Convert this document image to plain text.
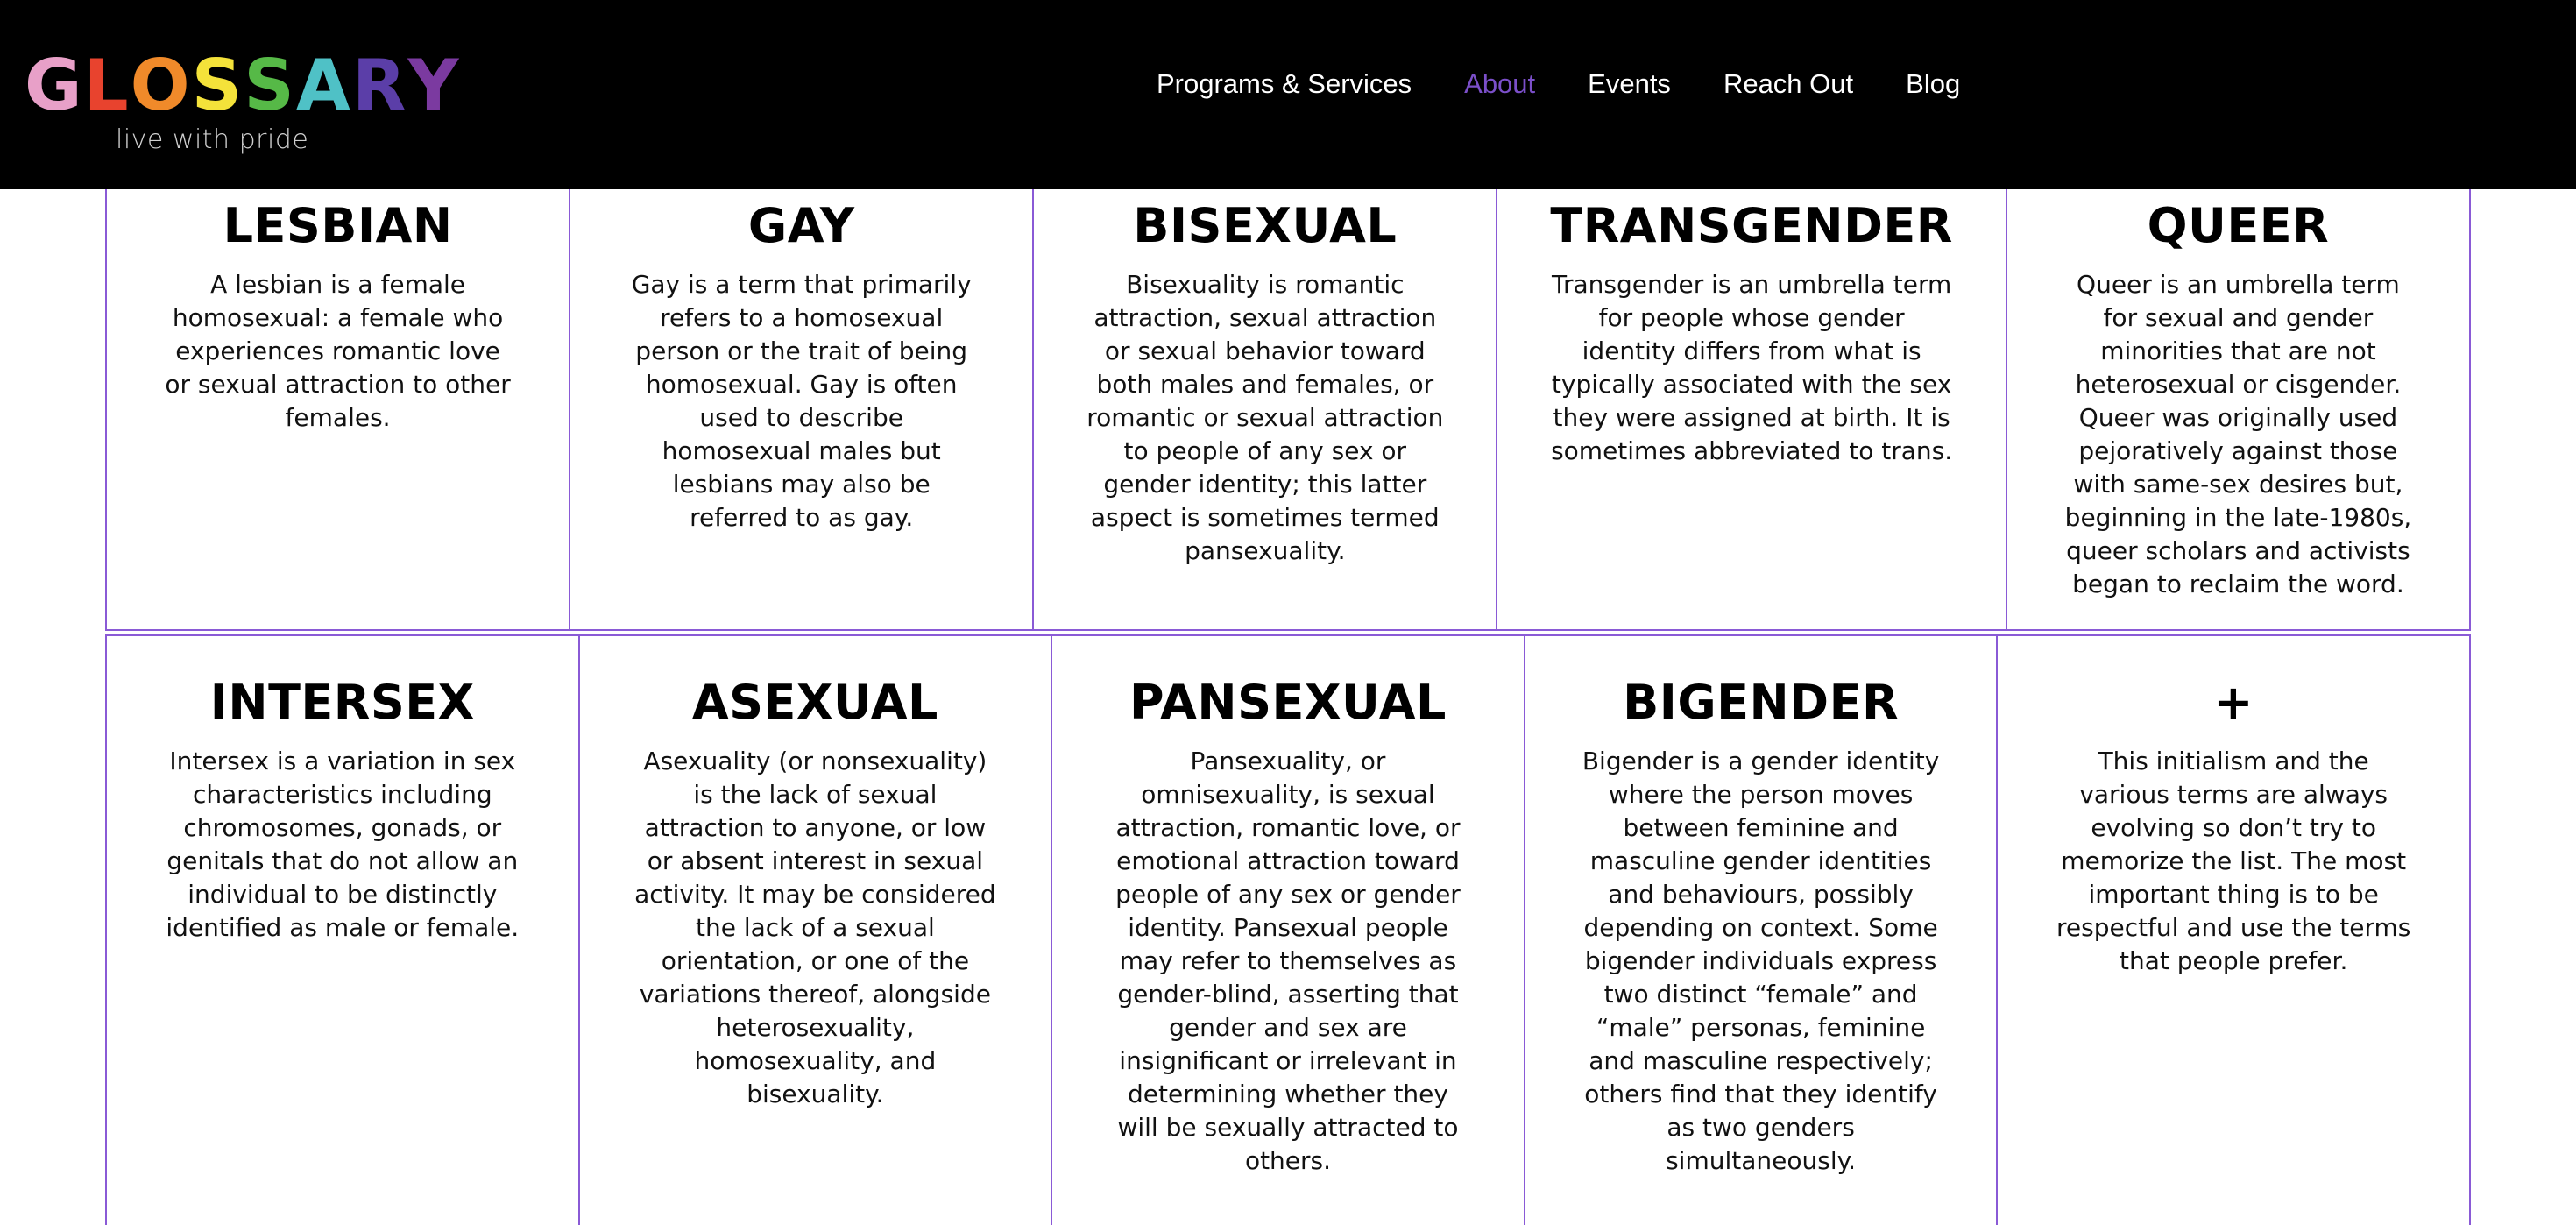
GLOSSARY
live with pride
Programs & Services About Events Reach Out Blog
LESBIAN

A lesbian is a female homosexual: a female who experiences romantic love or sexual attraction to other females.

GAY

Gay is a term that primarily refers to a homosexual person or the trait of being homosexual. Gay is often used to describe homosexual males but lesbians may also be referred to as gay.

BISEXUAL

Bisexuality is romantic attraction, sexual attraction or sexual behavior toward both males and females, or romantic or sexual attraction to people of any sex or gender identity; this latter aspect is sometimes termed pansexuality.

TRANSGENDER

Transgender is an umbrella term for people whose gender identity differs from what is typically associated with the sex they were assigned at birth. It is sometimes abbreviated to trans.

QUEER

Queer is an umbrella term for sexual and gender minorities that are not heterosexual or cisgender. Queer was originally used pejoratively against those with same-sex desires but, beginning in the late-1980s, queer scholars and activists began to reclaim the word.

INTERSEX

Intersex is a variation in sex characteristics including chromosomes, gonads, or genitals that do not allow an individual to be distinctly identified as male or female.

ASEXUAL

Asexuality (or nonsexuality) is the lack of sexual attraction to anyone, or low or absent interest in sexual activity. It may be considered the lack of a sexual orientation, or one of the variations thereof, alongside heterosexuality, homosexuality, and bisexuality.

PANSEXUAL

Pansexuality, or omnisexuality, is sexual attraction, romantic love, or emotional attraction toward people of any sex or gender identity. Pansexual people may refer to themselves as gender-blind, asserting that gender and sex are insignificant or irrelevant in determining whether they will be sexually attracted to others.

BIGENDER

Bigender is a gender identity where the person moves between feminine and masculine gender identities and behaviours, possibly depending on context. Some bigender individuals express two distinct “female” and “male” personas, feminine and masculine respectively; others find that they identify as two genders simultaneously.

+

This initialism and the various terms are always evolving so don’t try to memorize the list. The most important thing is to be respectful and use the terms that people prefer.
